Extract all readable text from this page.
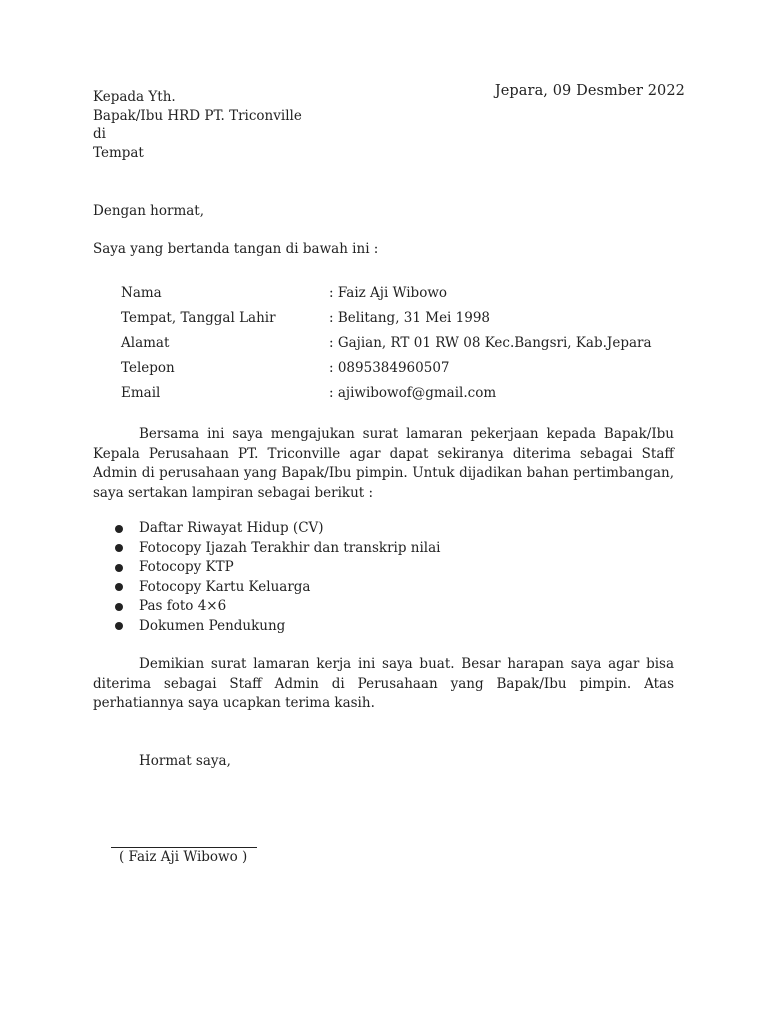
Jepara, 09 Desmber 2022
Kepada Yth.
Bapak/Ibu HRD PT. Triconville
di
Tempat
Dengan hormat,
Saya yang bertanda tangan di bawah ini :
Nama	: Faiz Aji Wibowo
Tempat, Tanggal Lahir	: Belitang, 31 Mei 1998
Alamat	: Gajian, RT 01 RW 08 Kec.Bangsri, Kab.Jepara
Telepon	: 0895384960507
Email	: ajiwibowof@gmail.com

Bersama ini saya mengajukan surat lamaran pekerjaan kepada Bapak/Ibu Kepala Perusahaan PT. Triconville agar dapat sekiranya diterima sebagai Staff Admin di perusahaan yang Bapak/Ibu pimpin. Untuk dijadikan bahan pertimbangan, saya sertakan lampiran sebagai berikut :

Daftar Riwayat Hidup (CV)
Fotocopy Ijazah Terakhir dan transkrip nilai
Fotocopy KTP
Fotocopy Kartu Keluarga
Pas foto 4×6
Dokumen Pendukung

Demikian surat lamaran kerja ini saya buat. Besar harapan saya agar bisa diterima sebagai Staff Admin di Perusahaan yang Bapak/Ibu pimpin. Atas perhatiannya saya ucapkan terima kasih.

Hormat saya,
( Faiz Aji Wibowo )
